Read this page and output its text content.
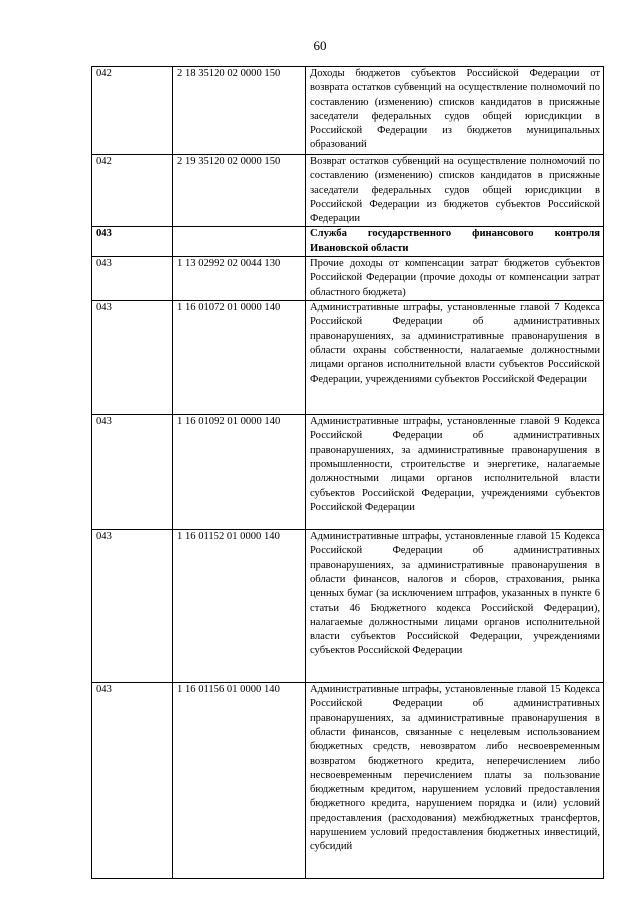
60
042	2 18 35120 02 0000 150	Доходы бюджетов субъектов Российской Федерации от возврата остатков субвенций на осуществление полномочий по составлению (изменению) списков кандидатов в присяжные заседатели федеральных судов общей юрисдикции в Российской Федерации из бюджетов муниципальных образований
042	2 19 35120 02 0000 150	Возврат остатков субвенций на осуществление полномочий по составлению (изменению) списков кандидатов в присяжные заседатели федеральных судов общей юрисдикции в Российской Федерации из бюджетов субъектов Российской Федерации
043		Служба государственного финансового контроля Ивановской области
043	1 13 02992 02 0044 130	Прочие доходы от компенсации затрат бюджетов субъектов Российской Федерации (прочие доходы от компенсации затрат областного бюджета)
043	1 16 01072 01 0000 140	Административные штрафы, установленные главой 7 Кодекса Российской Федерации об административных правонарушениях, за административные правонарушения в области охраны собственности, налагаемые должностными лицами органов исполнительной власти субъектов Российской Федерации, учреждениями субъектов Российской Федерации
043	1 16 01092 01 0000 140	Административные штрафы, установленные главой 9 Кодекса Российской Федерации об административных правонарушениях, за административные правонарушения в промышленности, строительстве и энергетике, налагаемые должностными лицами органов исполнительной власти субъектов Российской Федерации, учреждениями субъектов Российской Федерации
043	1 16 01152 01 0000 140	Административные штрафы, установленные главой 15 Кодекса Российской Федерации об административных правонарушениях, за административные правонарушения в области финансов, налогов и сборов, страхования, рынка ценных бумаг (за исключением штрафов, указанных в пункте 6 статьи 46 Бюджетного кодекса Российской Федерации), налагаемые должностными лицами органов исполнительной власти субъектов Российской Федерации, учреждениями субъектов Российской Федерации
043	1 16 01156 01 0000 140	Административные штрафы, установленные главой 15 Кодекса Российской Федерации об административных правонарушениях, за административные правонарушения в области финансов, связанные с нецелевым использованием бюджетных средств, невозвратом либо несвоевременным возвратом бюджетного кредита, неперечислением либо несвоевременным перечислением платы за пользование бюджетным кредитом, нарушением условий предоставления бюджетного кредита, нарушением порядка и (или) условий предоставления (расходования) межбюджетных трансфертов, нарушением условий предоставления бюджетных инвестиций, субсидий
